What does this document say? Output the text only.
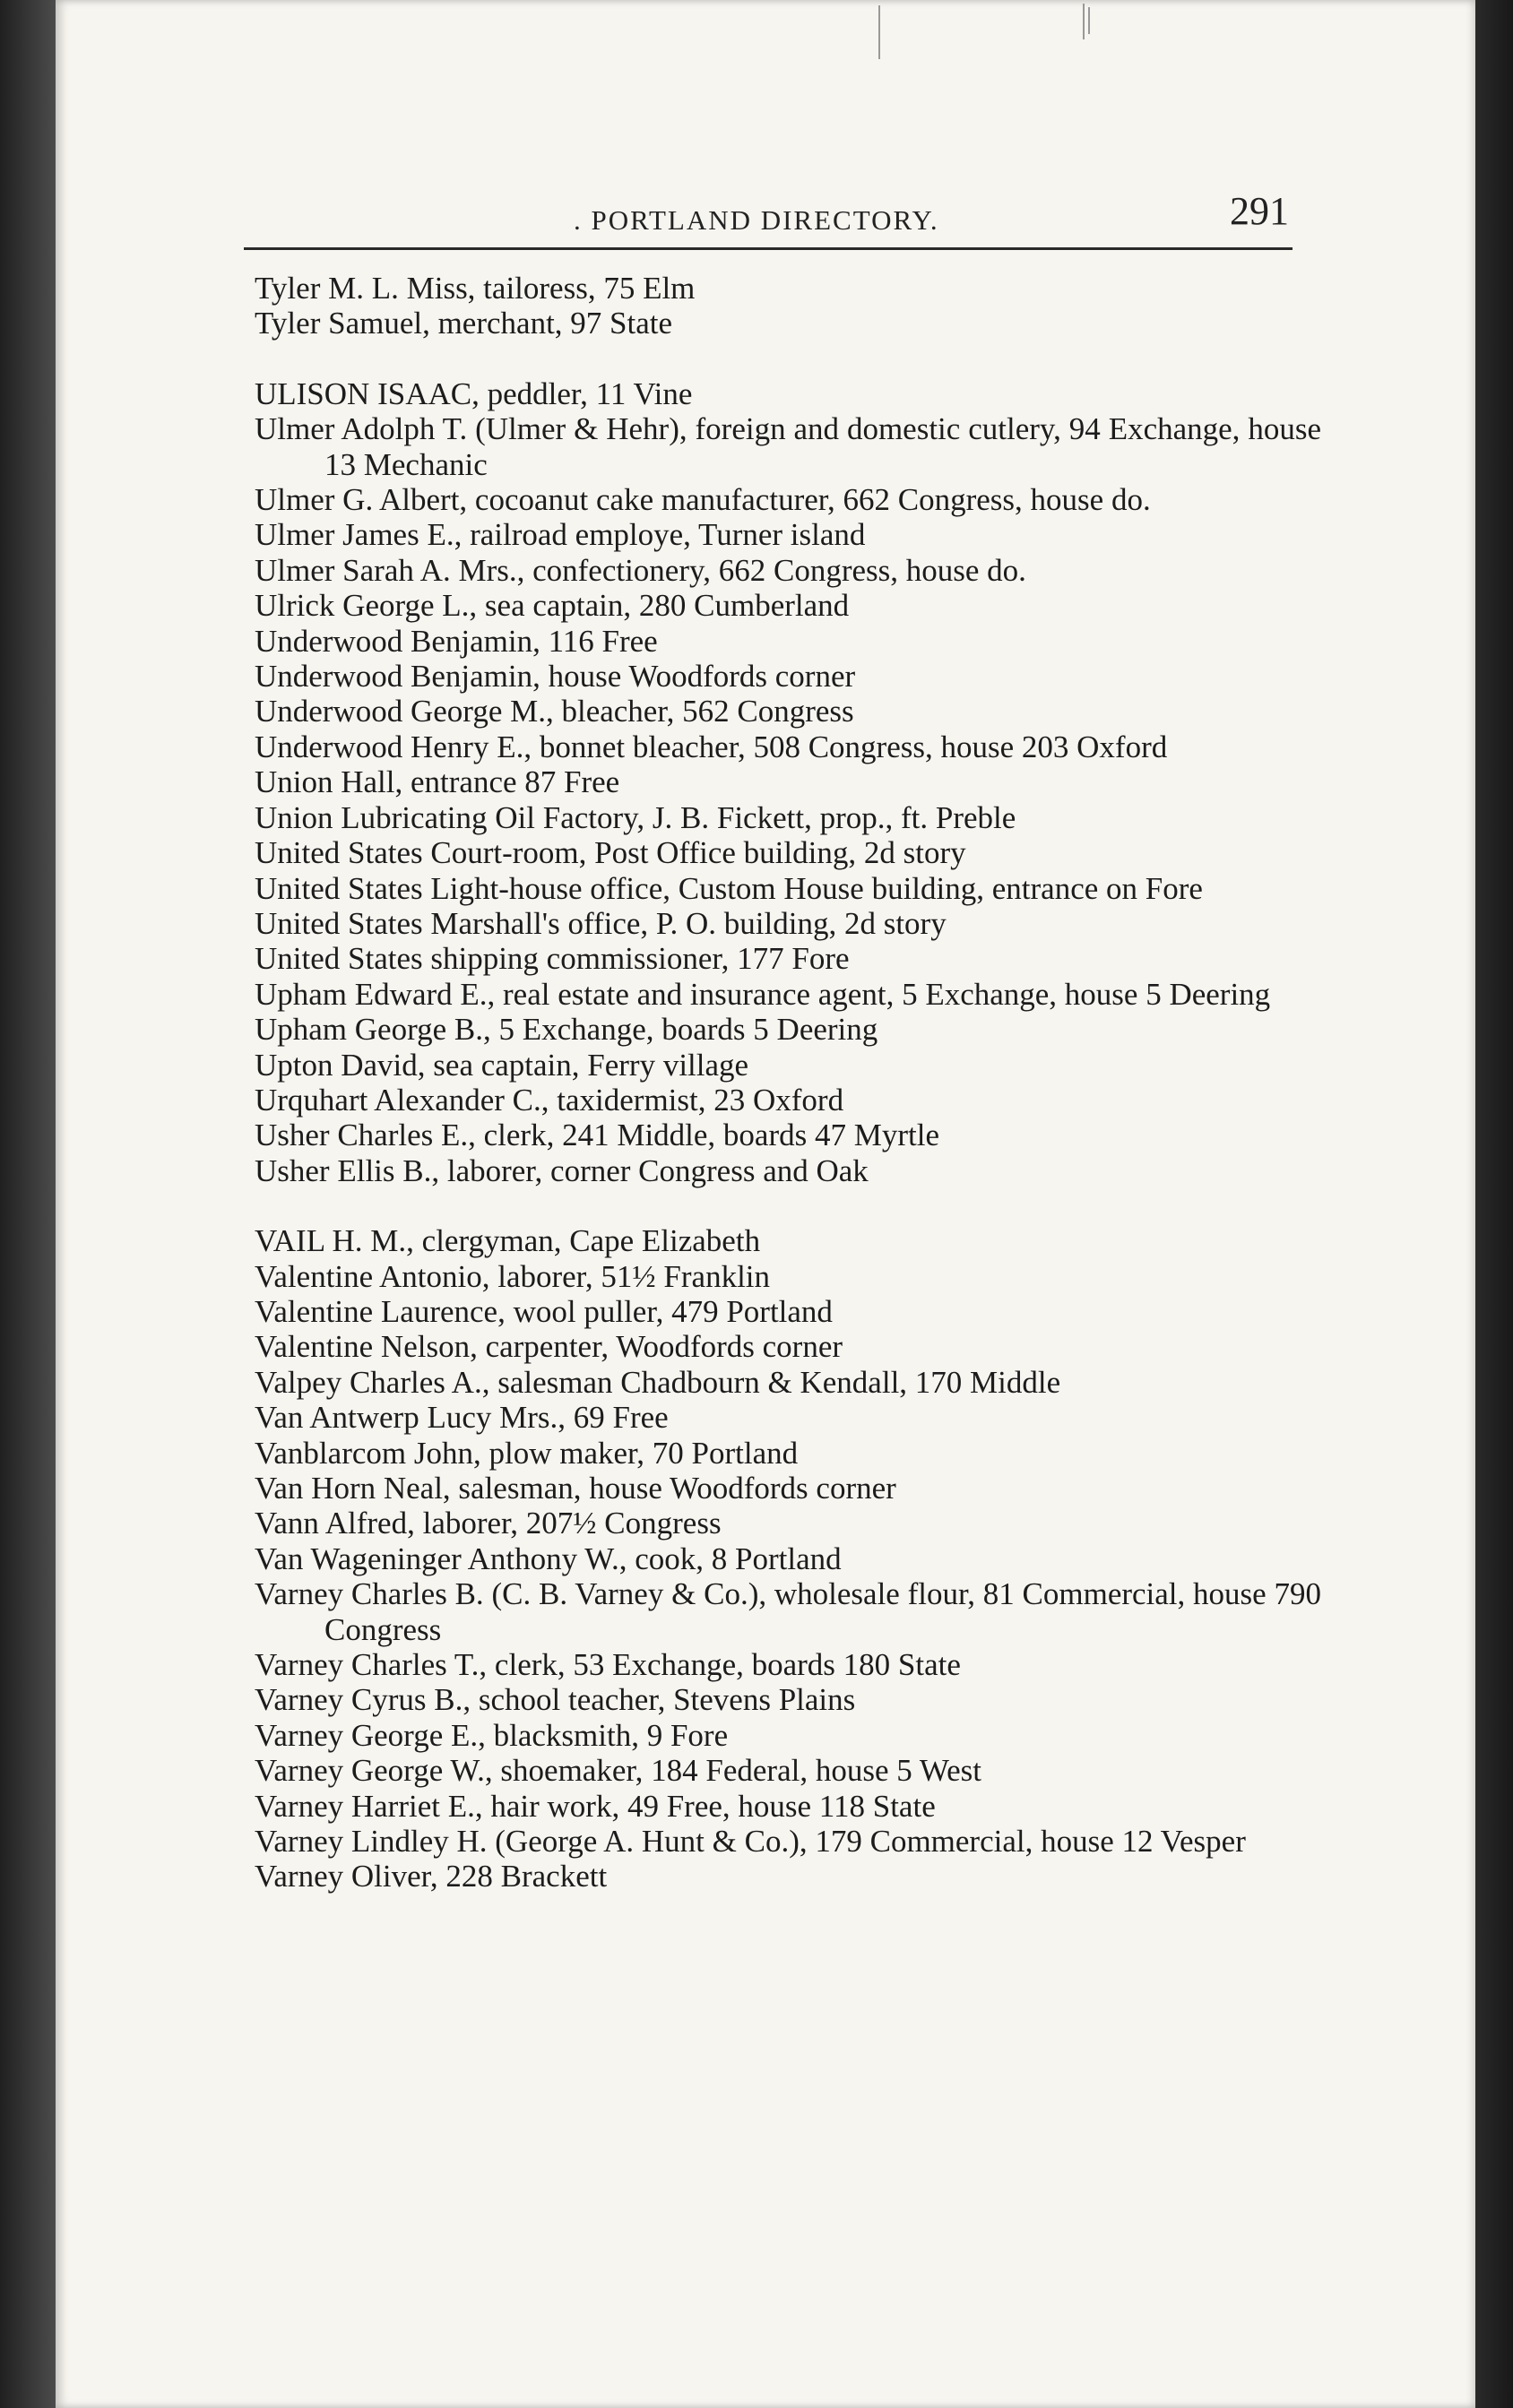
. PORTLAND DIRECTORY.	291

Tyler M. L. Miss, tailoress, 75 Elm

Tyler Samuel, merchant, 97 State

ULISON ISAAC, peddler, 11 Vine

Ulmer Adolph T. (Ulmer & Hehr), foreign and domestic cutlery, 94 Exchange, house 13 Mechanic

Ulmer G. Albert, cocoanut cake manufacturer, 662 Congress, house do.

Ulmer James E., railroad employe, Turner island

Ulmer Sarah A. Mrs., confectionery, 662 Congress, house do.

Ulrick George L., sea captain, 280 Cumberland

Underwood Benjamin, 116 Free

Underwood Benjamin, house Woodfords corner

Underwood George M., bleacher, 562 Congress

Underwood Henry E., bonnet bleacher, 508 Congress, house 203 Oxford

Union Hall, entrance 87 Free

Union Lubricating Oil Factory, J. B. Fickett, prop., ft. Preble

United States Court-room, Post Office building, 2d story

United States Light-house office, Custom House building, entrance on Fore

United States Marshall's office, P. O. building, 2d story

United States shipping commissioner, 177 Fore

Upham Edward E., real estate and insurance agent, 5 Exchange, house 5 Deering

Upham George B., 5 Exchange, boards 5 Deering

Upton David, sea captain, Ferry village

Urquhart Alexander C., taxidermist, 23 Oxford

Usher Charles E., clerk, 241 Middle, boards 47 Myrtle

Usher Ellis B., laborer, corner Congress and Oak

VAIL H. M., clergyman, Cape Elizabeth

Valentine Antonio, laborer, 51½ Franklin

Valentine Laurence, wool puller, 479 Portland

Valentine Nelson, carpenter, Woodfords corner

Valpey Charles A., salesman Chadbourn & Kendall, 170 Middle

Van Antwerp Lucy Mrs., 69 Free

Vanblarcom John, plow maker, 70 Portland

Van Horn Neal, salesman, house Woodfords corner

Vann Alfred, laborer, 207½ Congress

Van Wageninger Anthony W., cook, 8 Portland

Varney Charles B. (C. B. Varney & Co.), wholesale flour, 81 Commercial, house 790 Congress

Varney Charles T., clerk, 53 Exchange, boards 180 State

Varney Cyrus B., school teacher, Stevens Plains

Varney George E., blacksmith, 9 Fore

Varney George W., shoemaker, 184 Federal, house 5 West

Varney Harriet E., hair work, 49 Free, house 118 State

Varney Lindley H. (George A. Hunt & Co.), 179 Commercial, house 12 Vesper

Varney Oliver, 228 Brackett
